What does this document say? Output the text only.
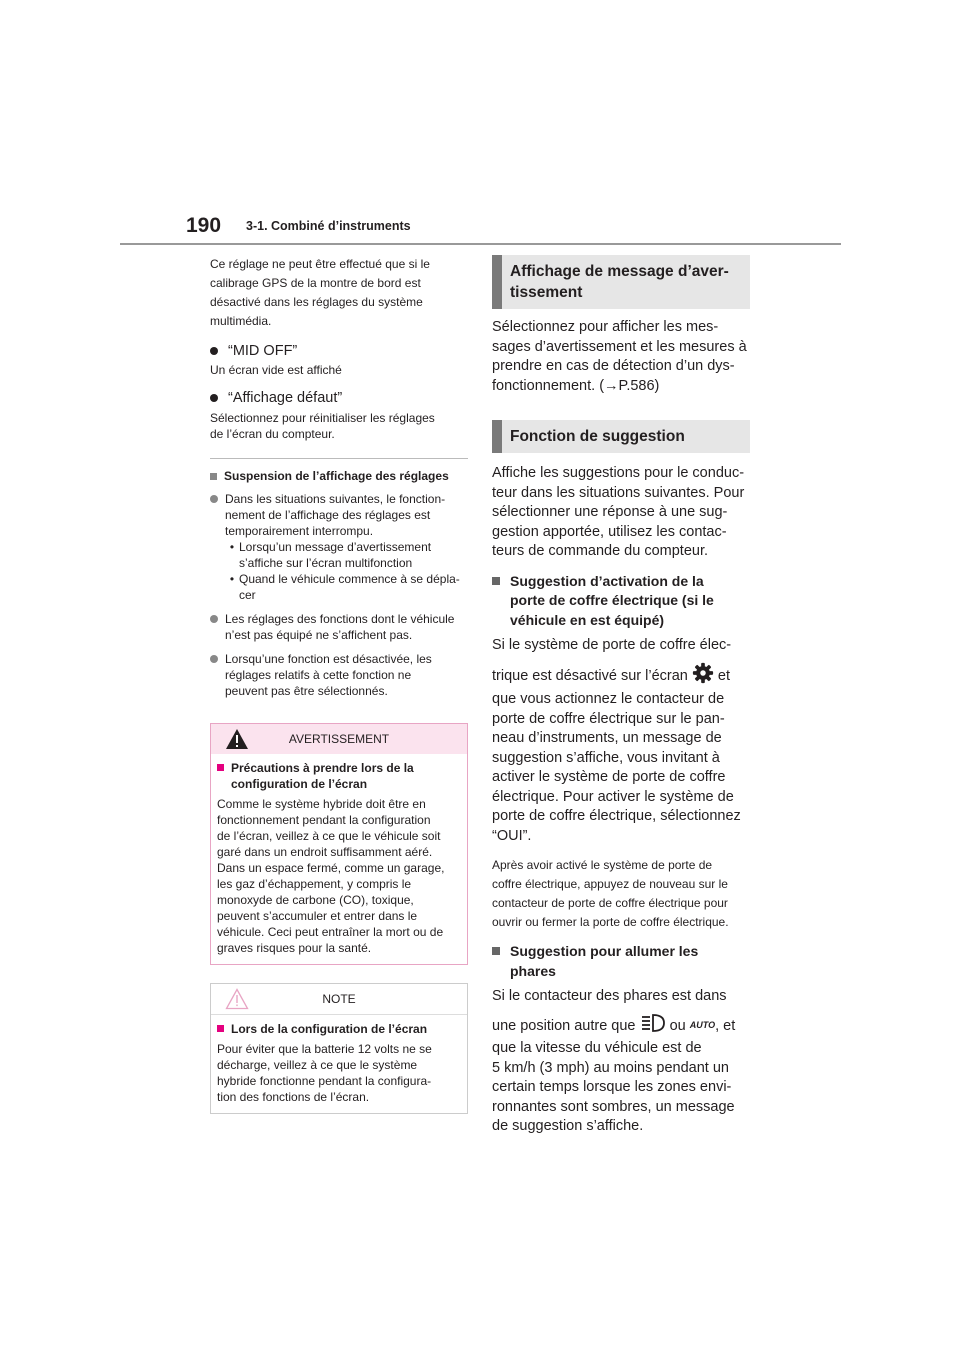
190 3-1. Combiné d’instruments

Ce réglage ne peut être effectué que si le

calibrage GPS de la montre de bord est

désactivé dans les réglages du système

multimédia.

“MID OFF”

Un écran vide est affiché

“Affichage défaut”

Sélectionnez pour réinitialiser les réglages

de l’écran du compteur.

Suspension de l’affichage des réglages
Dans les situations suivantes, le fonction-
nement de l’affichage des réglages est
temporairement interrompu.
• Lorsqu’un message d’avertissement
s’affiche sur l’écran multifonction
• Quand le véhicule commence à se dépla-
cer
Les réglages des fonctions dont le véhicule
n’est pas équipé ne s’affichent pas.
Lorsqu’une fonction est désactivée, les
réglages relatifs à cette fonction ne
peuvent pas être sélectionnés.
AVERTISSEMENT
Précautions à prendre lors de la
configuration de l’écran

Comme le système hybride doit être en

fonctionnement pendant la configuration

de l’écran, veillez à ce que le véhicule soit

garé dans un endroit suffisamment aéré.

Dans un espace fermé, comme un garage,

les gaz d’échappement, y compris le

monoxyde de carbone (CO), toxique,

peuvent s’accumuler et entrer dans le

véhicule. Ceci peut entraîner la mort ou de

graves risques pour la santé.

NOTE
Lors de la configuration de l’écran

Pour éviter que la batterie 12 volts ne se

décharge, veillez à ce que le système

hybride fonctionne pendant la configura-

tion des fonctions de l’écran.

Affichage de message d’aver-
tissement

Sélectionnez pour afficher les mes-

sages d’avertissement et les mesures à

prendre en cas de détection d’un dys-

fonctionnement. (→P.586)

Fonction de suggestion

Affiche les suggestions pour le conduc-

teur dans les situations suivantes. Pour

sélectionner une réponse à une sug-

gestion apportée, utilisez les contac-

teurs de commande du compteur.

Suggestion d’activation de la
porte de coffre électrique (si le
véhicule en est équipé)

Si le système de porte de coffre élec-

trique est désactivé sur l’écran et

que vous actionnez le contacteur de

porte de coffre électrique sur le pan-

neau d’instruments, un message de

suggestion s’affiche, vous invitant à

activer le système de porte de coffre

électrique. Pour activer le système de

porte de coffre électrique, sélectionnez

“OUI”.

Après avoir activé le système de porte de

coffre électrique, appuyez de nouveau sur le

contacteur de porte de coffre électrique pour

ouvrir ou fermer la porte de coffre électrique.

Suggestion pour allumer les
phares

Si le contacteur des phares est dans

une position autre que ou AUTO, et

que la vitesse du véhicule est de

5 km/h (3 mph) au moins pendant un

certain temps lorsque les zones envi-

ronnantes sont sombres, un message

de suggestion s’affiche.
